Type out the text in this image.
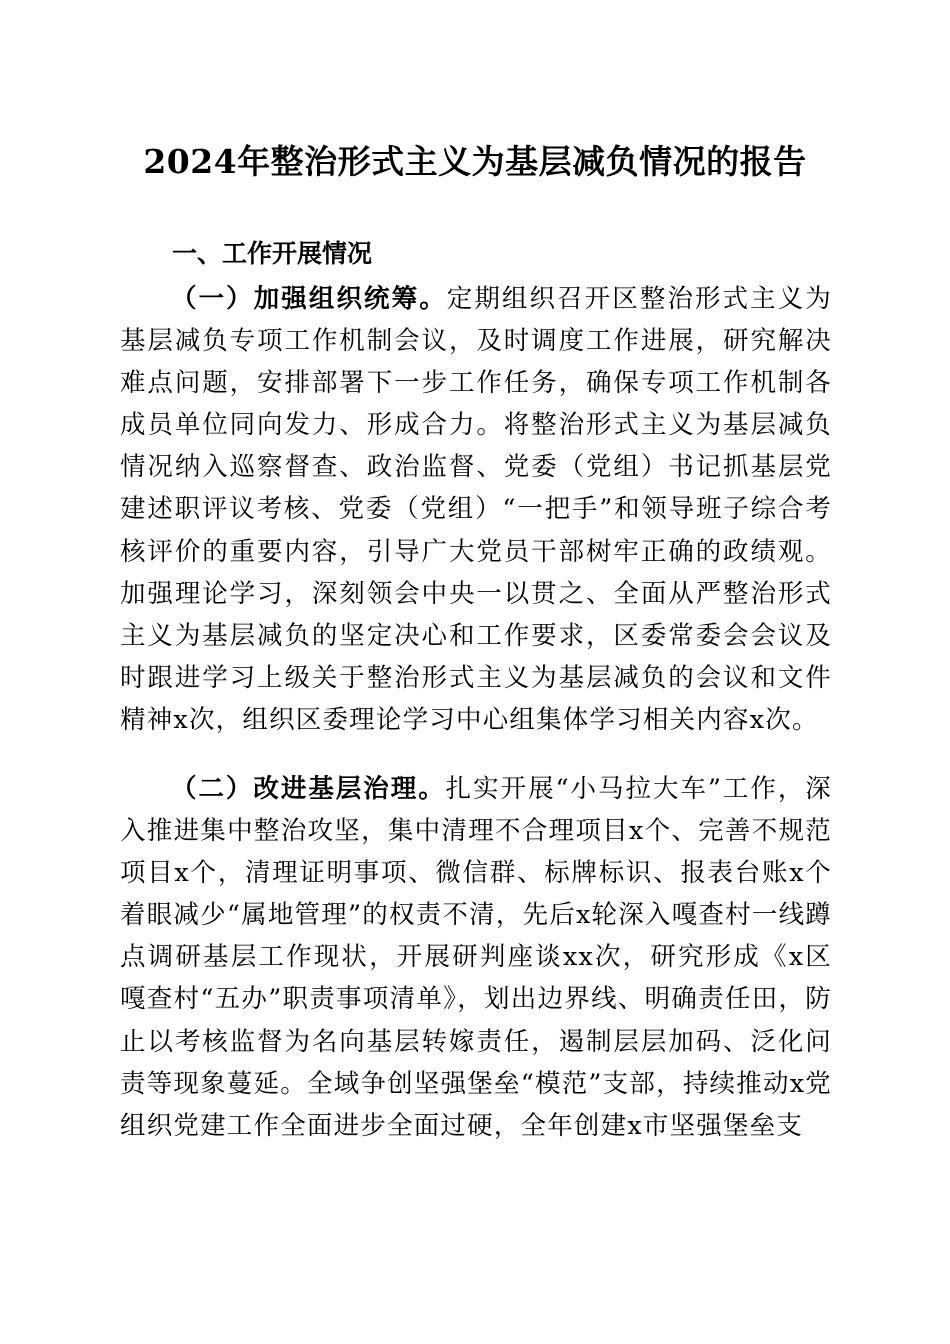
2024年整治形式主义为基层减负情况的报告
一、工作开展情况
（一）加强组织统筹。定期组织召开区整治形式主义为基层减负专项工作机制会议，及时调度工作进展，研究解决难点问题，安排部署下一步工作任务，确保专项工作机制各成员单位同向发力、形成合力。将整治形式主义为基层减负情况纳入巡察督查、政治监督、党委（党组）书记抓基层党建述职评议考核、党委（党组）“一把手”和领导班子综合考核评价的重要内容，引导广大党员干部树牢正确的政绩观。加强理论学习，深刻领会中央一以贯之、全面从严整治形式主义为基层减负的坚定决心和工作要求，区委常委会会议及时跟进学习上级关于整治形式主义为基层减负的会议和文件精神x次，组织区委理论学习中心组集体学习相关内容x次。
（二）改进基层治理。扎实开展“小马拉大车”工作，深入推进集中整治攻坚，集中清理不合理项目x个、完善不规范项目x个，清理证明事项、微信群、标牌标识、报表台账x个着眼减少“属地管理”的权责不清，先后x轮深入嘎查村一线蹲点调研基层工作现状，开展研判座谈xx次，研究形成《x区嘎查村“五办”职责事项清单》，划出边界线、明确责任田，防止以考核监督为名向基层转嫁责任，遏制层层加码、泛化问责等现象蔓延。全域争创坚强堡垒“模范”支部，持续推动x党组织党建工作全面进步全面过硬，全年创建x市坚强堡垒支
